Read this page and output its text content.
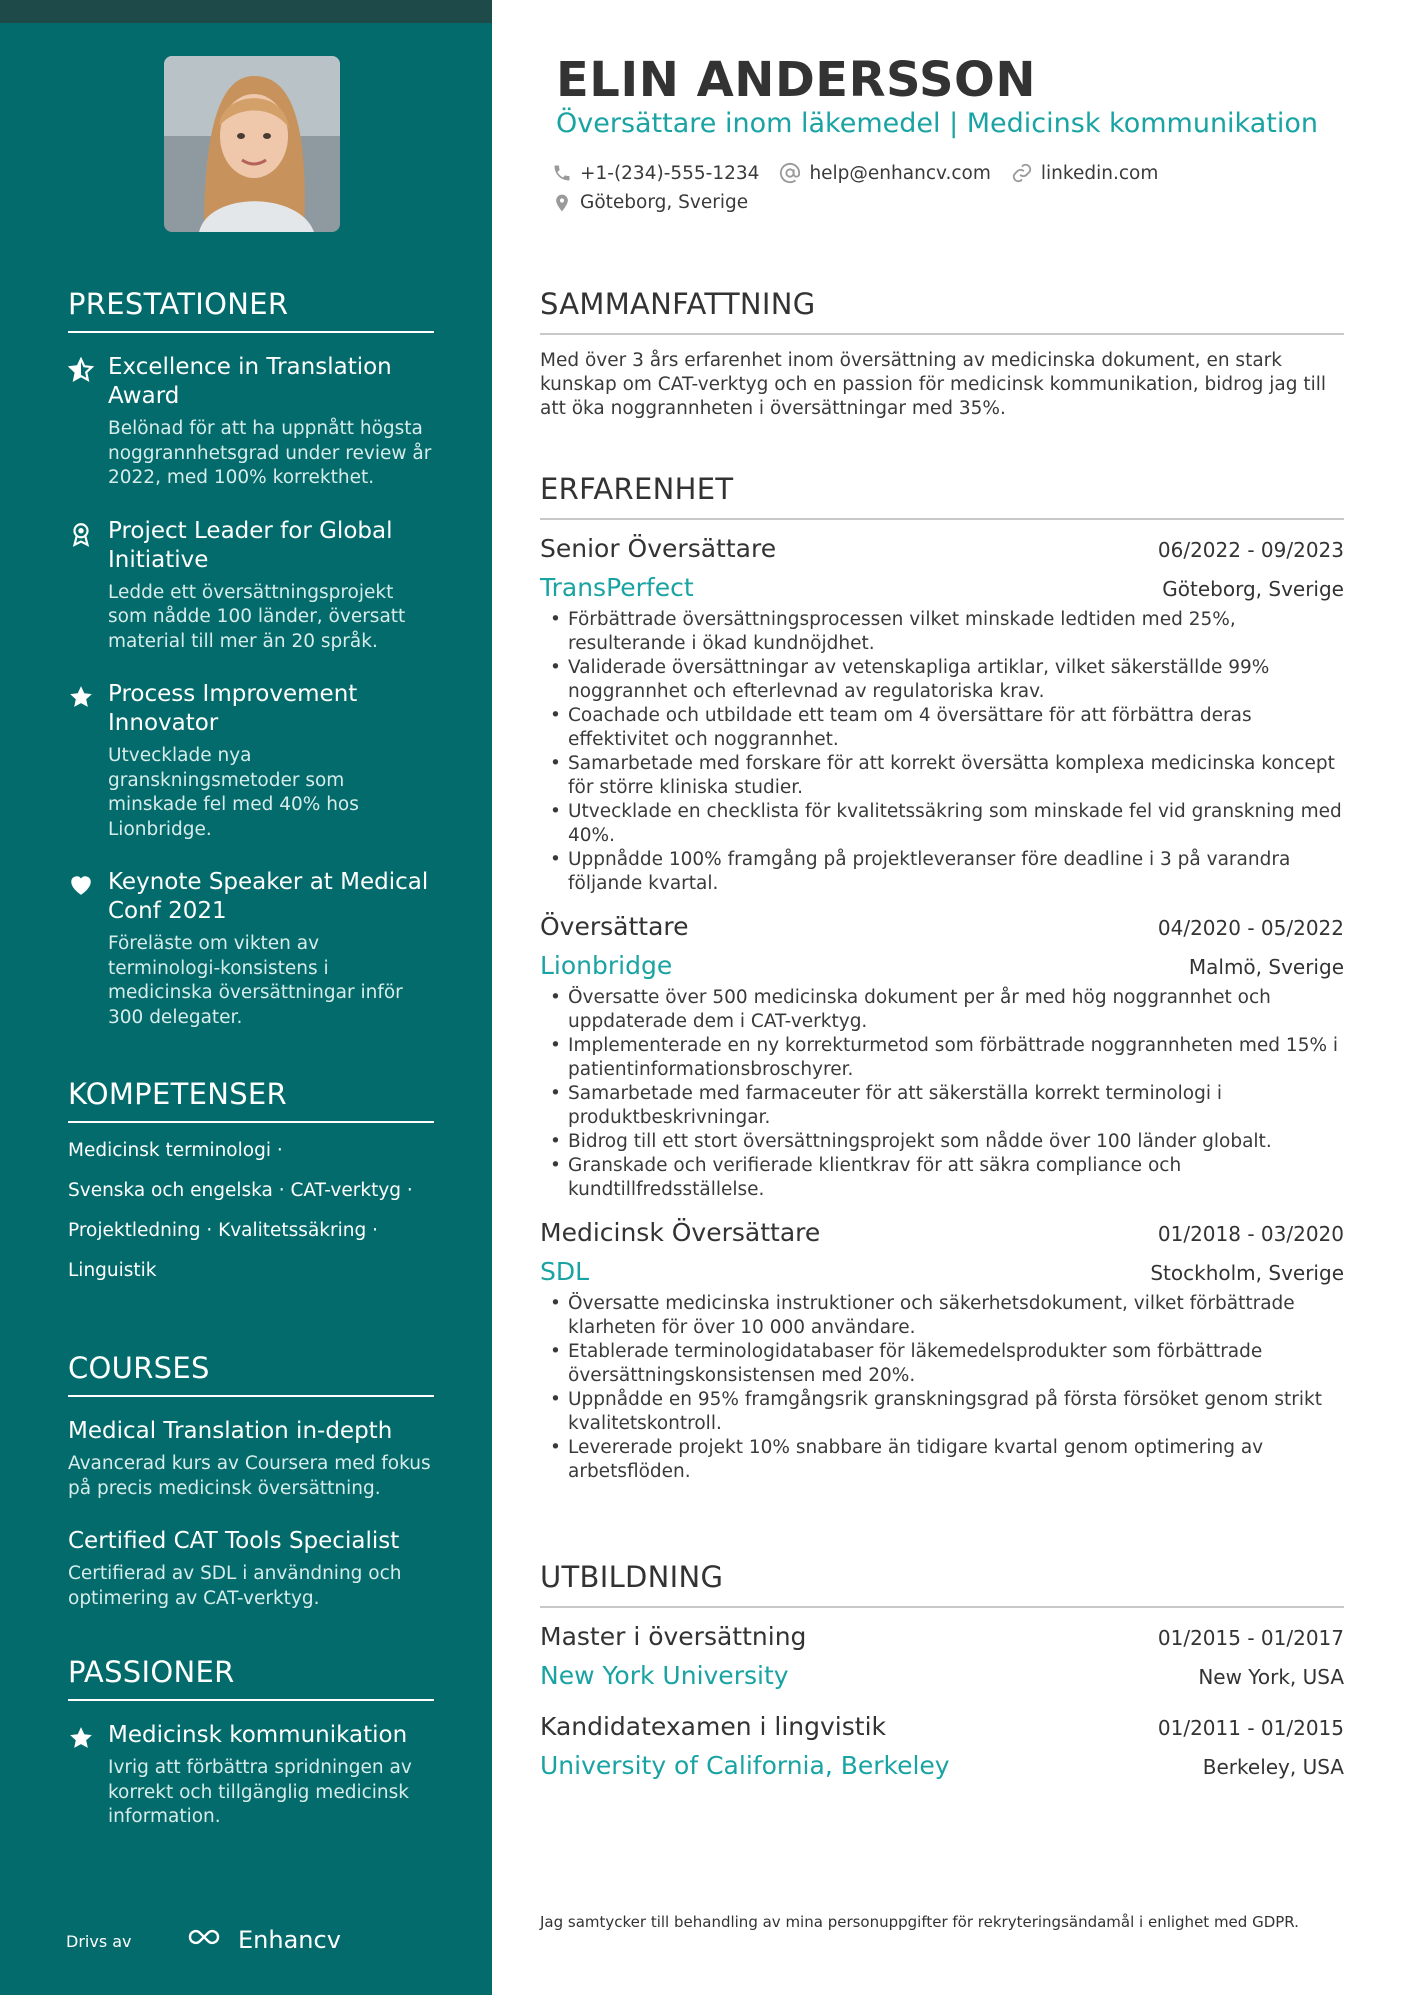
PRESTATIONER
Excellence in Translation Award
Belönad för att ha uppnått högsta noggrannhetsgrad under review år 2022, med 100% korrekthet.
Project Leader for Global Initiative
Ledde ett översättningsprojekt som nådde 100 länder, översatt material till mer än 20 språk.
Process Improvement Innovator
Utvecklade nya granskningsmetoder som minskade fel med 40% hos Lionbridge.
Keynote Speaker at Medical Conf 2021
Föreläste om vikten av terminologi-konsistens i medicinska översättningar inför 300 delegater.
KOMPETENSER
Medicinsk terminologi ·
Svenska och engelska · CAT-verktyg ·
Projektledning · Kvalitetssäkring ·
Linguistik
COURSES
Medical Translation in-depth
Avancerad kurs av Coursera med fokus på precis medicinsk översättning.
Certified CAT Tools Specialist
Certifierad av SDL i användning och optimering av CAT-verktyg.
PASSIONER
Medicinsk kommunikation
Ivrig att förbättra spridningen av korrekt och tillgänglig medicinsk information.
Drivs av	Enhancv
ELIN ANDERSSON
Översättare inom läkemedel | Medicinsk kommunikation
+1-(234)-555-1234	help@enhancv.com	linkedin.com
Göteborg, Sverige
SAMMANFATTNING
Med över 3 års erfarenhet inom översättning av medicinska dokument, en stark kunskap om CAT-verktyg och en passion för medicinsk kommunikation, bidrog jag till att öka noggrannheten i översättningar med 35%.
ERFARENHET
Senior Översättare	06/2022 - 09/2023
TransPerfect	Göteborg, Sverige
• Förbättrade översättningsprocessen vilket minskade ledtiden med 25%, resulterande i ökad kundnöjdhet.
• Validerade översättningar av vetenskapliga artiklar, vilket säkerställde 99% noggrannhet och efterlevnad av regulatoriska krav.
• Coachade och utbildade ett team om 4 översättare för att förbättra deras effektivitet och noggrannhet.
• Samarbetade med forskare för att korrekt översätta komplexa medicinska koncept för större kliniska studier.
• Utvecklade en checklista för kvalitetssäkring som minskade fel vid granskning med 40%.
• Uppnådde 100% framgång på projektleveranser före deadline i 3 på varandra följande kvartal.
Översättare	04/2020 - 05/2022
Lionbridge	Malmö, Sverige
• Översatte över 500 medicinska dokument per år med hög noggrannhet och uppdaterade dem i CAT-verktyg.
• Implementerade en ny korrekturmetod som förbättrade noggrannheten med 15% i patientinformationsbroschyrer.
• Samarbetade med farmaceuter för att säkerställa korrekt terminologi i produktbeskrivningar.
• Bidrog till ett stort översättningsprojekt som nådde över 100 länder globalt.
• Granskade och verifierade klientkrav för att säkra compliance och kundtillfredsställelse.
Medicinsk Översättare	01/2018 - 03/2020
SDL	Stockholm, Sverige
• Översatte medicinska instruktioner och säkerhetsdokument, vilket förbättrade klarheten för över 10 000 användare.
• Etablerade terminologidatabaser för läkemedelsprodukter som förbättrade översättningskonsistensen med 20%.
• Uppnådde en 95% framgångsrik granskningsgrad på första försöket genom strikt kvalitetskontroll.
• Levererade projekt 10% snabbare än tidigare kvartal genom optimering av arbetsflöden.
UTBILDNING
Master i översättning	01/2015 - 01/2017
New York University	New York, USA
Kandidatexamen i lingvistik	01/2011 - 01/2015
University of California, Berkeley	Berkeley, USA
Jag samtycker till behandling av mina personuppgifter för rekryteringsändamål i enlighet med GDPR.
